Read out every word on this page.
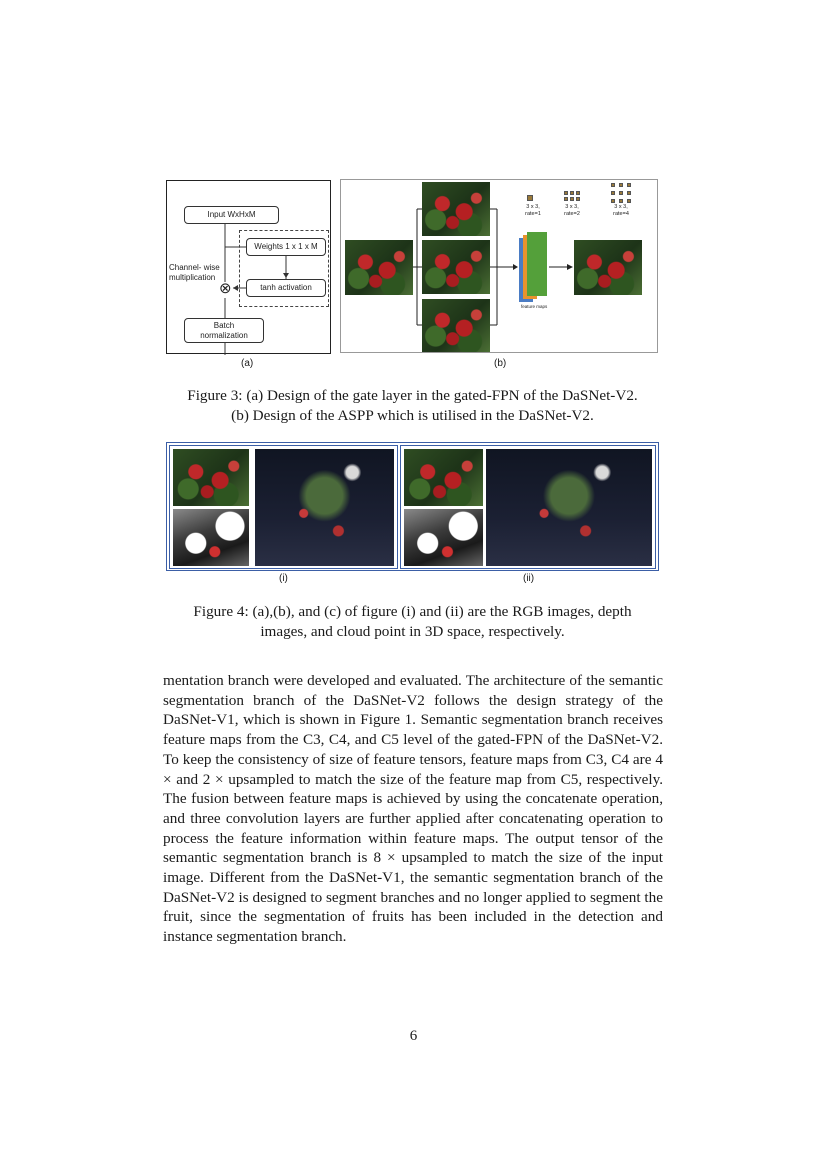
Input WxHxM
Weights 1 x 1 x M
tanh activation
Channel- wise
multiplication
⊗
Batch
normalization
(a)
feature maps
3 x 3,
rate=1
3 x 3,
rate=2
3 x 3,
rate=4
(b)
Figure 3: (a) Design of the gate layer in the gated-FPN of the DaSNet-V2.
(b) Design of the ASPP which is utilised in the DaSNet-V2.
(i)	(ii)
Figure 4: (a),(b), and (c) of figure (i) and (ii) are the RGB images, depth
images, and cloud point in 3D space, respectively.
mentation branch were developed and evaluated. The architecture of the semantic segmentation branch of the DaSNet-V2 follows the design strategy of the DaSNet-V1, which is shown in Figure 1. Semantic segmentation branch receives feature maps from the C3, C4, and C5 level of the gated-FPN of the DaSNet-V2. To keep the consistency of size of feature tensors, feature maps from C3, C4 are 4 × and 2 × upsampled to match the size of the feature map from C5, respectively. The fusion between feature maps is achieved by using the concatenate operation, and three convolution layers are further applied after concatenating operation to process the feature information within feature maps. The output tensor of the semantic segmentation branch is 8 × upsampled to match the size of the input image. Different from the DaSNet-V1, the semantic segmentation branch of the DaSNet-V2 is designed to segment branches and no longer applied to segment the fruit, since the segmentation of fruits has been included in the detection and instance segmentation branch.
6
